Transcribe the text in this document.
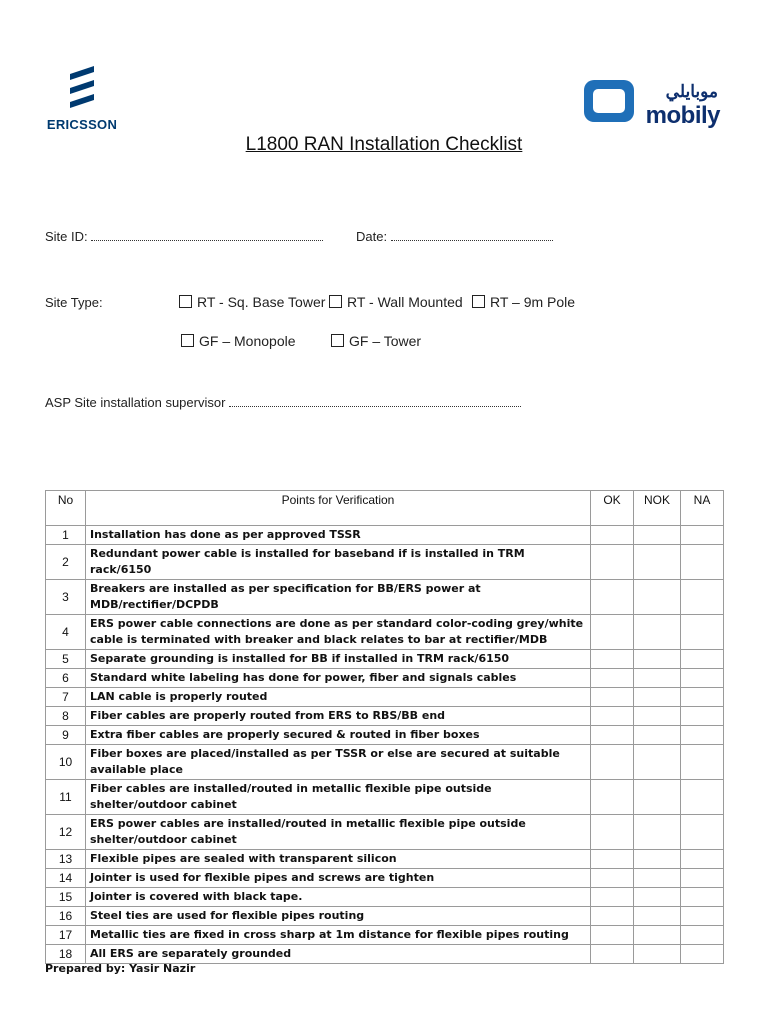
ERICSSON
موبايلي
mobily
L1800 RAN Installation Checklist
Site ID:	Date:
Site Type:	RT - Sq. Base Tower	RT - Wall Mounted	RT – 9m Pole
GF – Monopole	GF – Tower
ASP Site installation supervisor
No	Points for Verification	OK	NOK	NA
1	Installation has done as per approved TSSR			
2	Redundant power cable is installed for baseband if is installed in TRM rack/6150			
3	Breakers are installed as per specification for BB/ERS power at MDB/rectifier/DCPDB			
4	ERS power cable connections are done as per standard color-coding grey/white cable is terminated with breaker and black relates to bar at rectifier/MDB			
5	Separate grounding is installed for BB if installed in TRM rack/6150			
6	Standard white labeling has done for power, fiber and signals cables			
7	LAN cable is properly routed			
8	Fiber cables are properly routed from ERS to RBS/BB end			
9	Extra fiber cables are properly secured & routed in fiber boxes			
10	Fiber boxes are placed/installed as per TSSR or else are secured at suitable available place			
11	Fiber cables are installed/routed in metallic flexible pipe outside shelter/outdoor cabinet			
12	ERS power cables are installed/routed in metallic flexible pipe outside shelter/outdoor cabinet			
13	Flexible pipes are sealed with transparent silicon			
14	Jointer is used for flexible pipes and screws are tighten			
15	Jointer is covered with black tape.			
16	Steel ties are used for flexible pipes routing			
17	Metallic ties are fixed in cross sharp at 1m distance for flexible pipes routing			
18	All ERS are separately grounded			
Prepared by: Yasir Nazir
